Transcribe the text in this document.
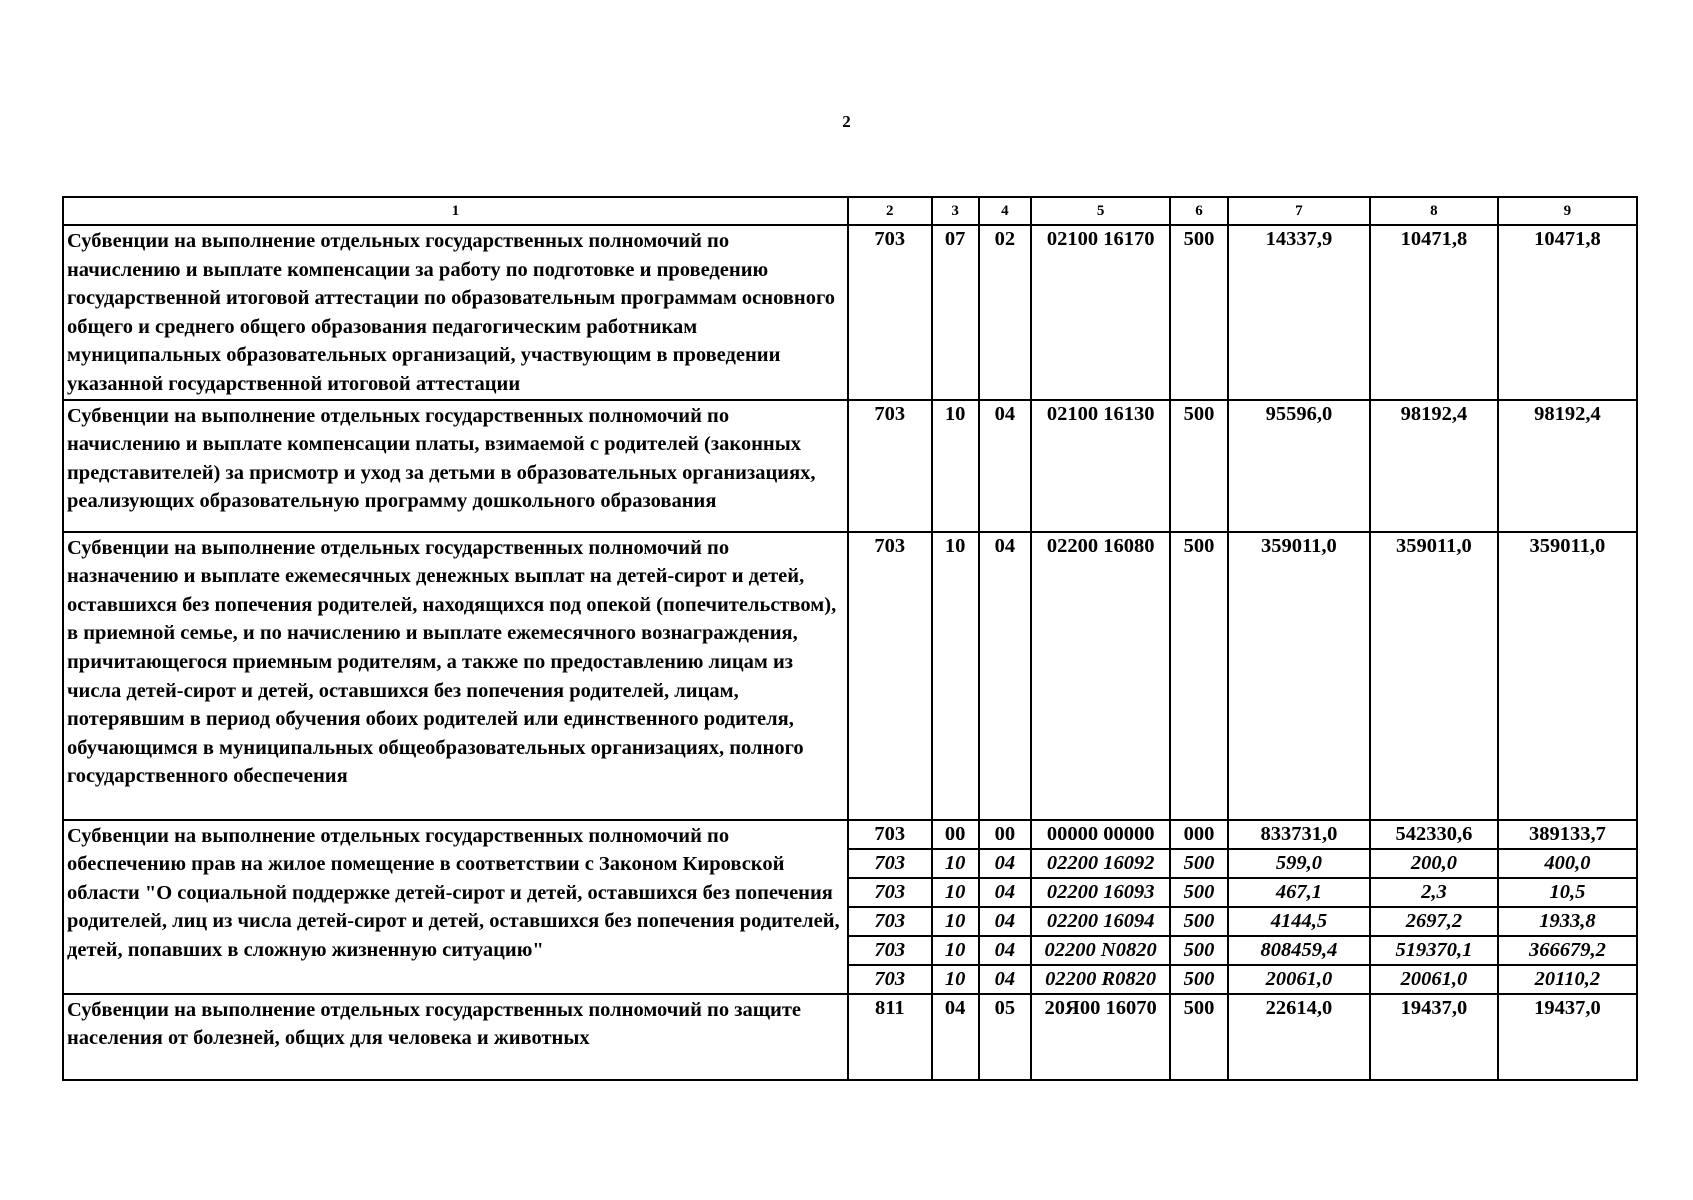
2
1	2	3	4	5	6	7	8	9
Субвенции на выполнение отдельных государственных полномочий по начислению и выплате компенсации за работу по подготовке и проведению государственной итоговой аттестации по образовательным программам основного общего и среднего общего образования педагогическим работникам муниципальных образовательных организаций, участвующим в проведении указанной государственной итоговой аттестации	703	07	02	02100 16170	500	14337,9	10471,8	10471,8
Субвенции на выполнение отдельных государственных полномочий по начислению и выплате компенсации платы, взимаемой с родителей (законных представителей) за присмотр и уход за детьми в образовательных организациях, реализующих образовательную программу дошкольного образования	703	10	04	02100 16130	500	95596,0	98192,4	98192,4
Субвенции на выполнение отдельных государственных полномочий по назначению и выплате ежемесячных денежных выплат на детей-сирот и детей, оставшихся без попечения родителей, находящихся под опекой (попечительством), в приемной семье, и по начислению и выплате ежемесячного вознаграждения, причитающегося приемным родителям, а также по предоставлению лицам из числа детей-сирот и детей, оставшихся без попечения родителей, лицам, потерявшим в период обучения обоих родителей или единственного родителя, обучающимся в муниципальных общеобразовательных организациях, полного государственного обеспечения	703	10	04	02200 16080	500	359011,0	359011,0	359011,0
Субвенции на выполнение отдельных государственных полномочий по обеспечению прав на жилое помещение в соответствии с Законом Кировской области "О социальной поддержке детей-сирот и детей, оставшихся без попечения родителей, лиц из числа детей-сирот и детей, оставшихся без попечения родителей, детей, попавших в сложную жизненную ситуацию"	703	00	00	00000 00000	000	833731,0	542330,6	389133,7
	703	10	04	02200 16092	500	599,0	200,0	400,0
	703	10	04	02200 16093	500	467,1	2,3	10,5
	703	10	04	02200 16094	500	4144,5	2697,2	1933,8
	703	10	04	02200 N0820	500	808459,4	519370,1	366679,2
	703	10	04	02200 R0820	500	20061,0	20061,0	20110,2
Субвенции на выполнение отдельных государственных полномочий по защите населения от болезней, общих для человека и животных	811	04	05	20Я00 16070	500	22614,0	19437,0	19437,0
